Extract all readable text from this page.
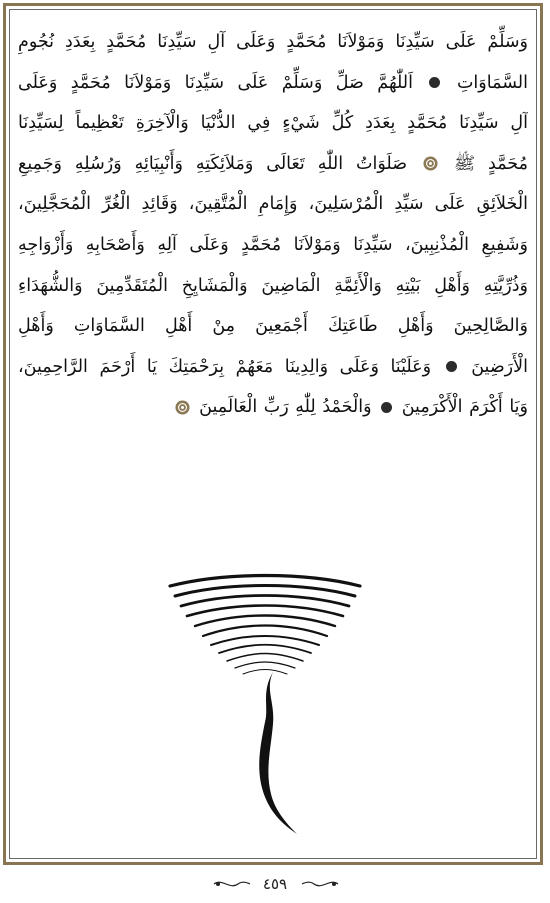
وَسَلِّمْ عَلَى سَيِّدِنَا وَمَوْلاَنَا مُحَمَّدٍ وَعَلَى آلِ سَيِّدِنَا مُحَمَّدٍ بِعَدَدِ نُجُومِ
السَّمَاوَاتِ  اَللّٰهُمَّ صَلِّ وَسَلِّمْ عَلَى سَيِّدِنَا وَمَوْلاَنَا مُحَمَّدٍ وَعَلَى
آلِ سَيِّدِنَا مُحَمَّدٍ بِعَدَدِ كُلِّ شَيْءٍ فِي الدُّنْيَا وَالْآخِرَةِ تَعْظِيماً لِسَيِّدِنَا
مُحَمَّدٍ ﷺ  صَلَوَاتُ اللّٰهِ تَعَالَى وَمَلاَئِكَتِهِ وَأَنْبِيَائِهِ وَرُسُلِهِ وَجَمِيعِ
الْخَلاَئِقِ عَلَى سَيِّدِ الْمُرْسَلِينَ، وَإِمَامِ الْمُتَّقِينَ، وَقَائِدِ الْغُرِّ الْمُحَجَّلِينَ،
وَشَفِيعِ الْمُذْنِبِينَ، سَيِّدِنَا وَمَوْلاَنَا مُحَمَّدٍ وَعَلَى آلِهِ وَأَصْحَابِهِ وَأَزْوَاجِهِ
وَذُرِّيَّتِهِ وَأَهْلِ بَيْتِهِ وَالْأَئِمَّةِ الْمَاضِينَ وَالْمَشَايِخِ الْمُتَقَدِّمِينَ وَالشُّهَدَاءِ
وَالصَّالِحِينَ وَأَهْلِ طَاعَتِكَ أَجْمَعِينَ مِنْ أَهْلِ السَّمَاوَاتِ وَأَهْلِ
الْأَرَضِينَ  وَعَلَيْنَا وَعَلَى وَالِدِينَا مَعَهُمْ بِرَحْمَتِكَ يَا أَرْحَمَ الرَّاحِمِينَ،
وَيَا أَكْرَمَ الْأَكْرَمِينَ  وَالْحَمْدُ لِلّٰهِ رَبِّ الْعَالَمِينَ
٤٥٩
